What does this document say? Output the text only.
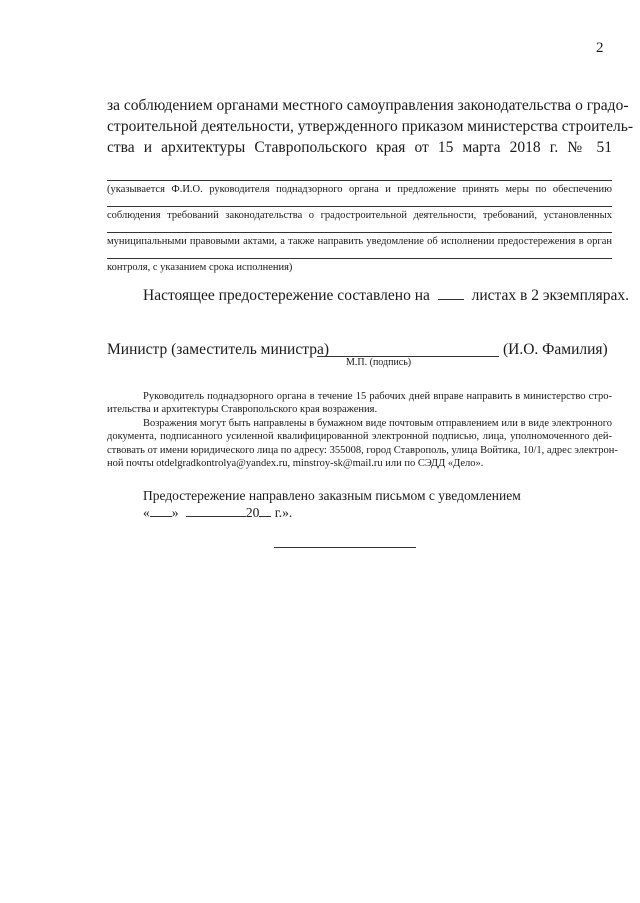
2
за соблюдением органами местного самоуправления законодательства о градо-
строительной деятельности, утвержденного приказом министерства строитель-
ства и архитектуры Ставропольского края от 15 марта 2018 г. № 51
(указывается Ф.И.О. руководителя поднадзорного органа и предложение принять меры по обеспечению
соблюдения требований законодательства о градостроительной деятельности, требований, установленных
муниципальными правовыми актами, а также направить уведомление об исполнении предостережения в орган
контроля, с указанием срока исполнения)
Настоящее предостережение составлено на	листах в 2 экземплярах.
Министр (заместитель министра)	(И.О. Фамилия)
М.П. (подпись)
Руководитель поднадзорного органа в течение 15 рабочих дней вправе направить в министерство стро-
ительства и архитектуры Ставропольского края возражения.
Возражения могут быть направлены в бумажном виде почтовым отправлением или в виде электронного
документа, подписанного усиленной квалифицированной электронной подписью, лица, уполномоченного дей-
ствовать от имени юридического лица по адресу: 355008, город Ставрополь, улица Войтика, 10/1, адрес электрон-
ной почты otdelgradkontrolya@yandex.ru, minstroy-sk@mail.ru или по СЭДД «Дело».
Предостережение направлено заказным письмом с уведомлением
« »	20 г.».
